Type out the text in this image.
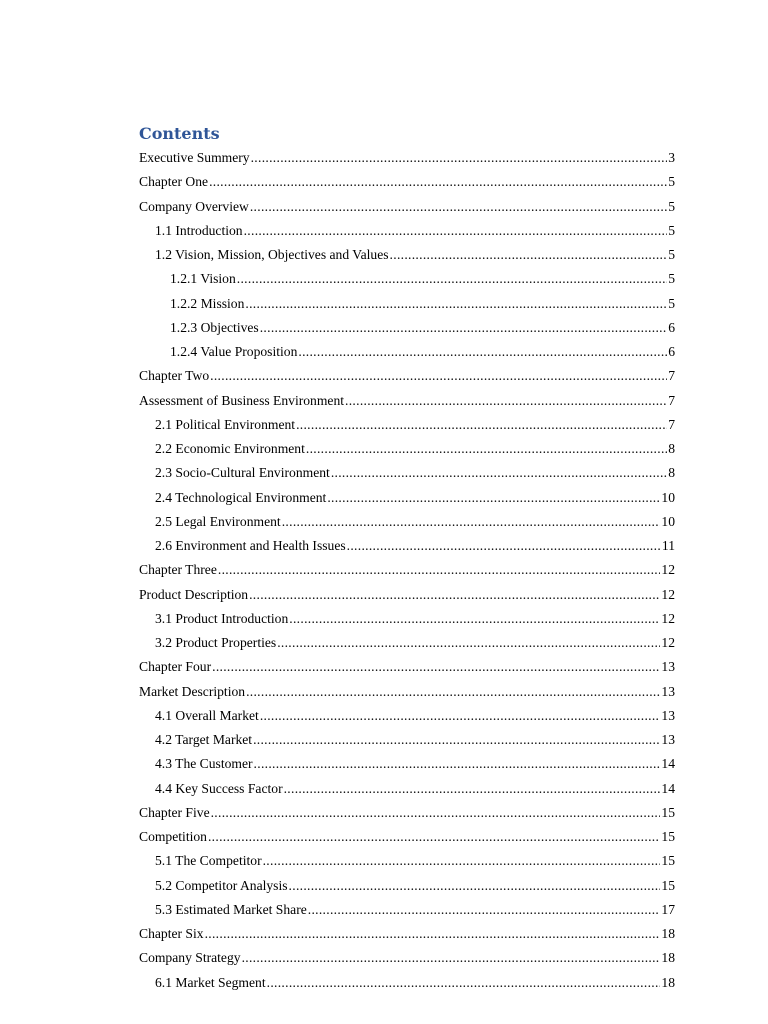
Contents
Executive Summery .....	3
Chapter One .....	5
Company Overview .....	5
1.1 Introduction .....	5
1.2 Vision, Mission, Objectives and Values .....	5
1.2.1 Vision .....	5
1.2.2 Mission .....	5
1.2.3 Objectives .....	6
1.2.4 Value Proposition .....	6
Chapter Two .....	7
Assessment of Business Environment .....	7
2.1 Political Environment .....	7
2.2 Economic Environment .....	8
2.3 Socio-Cultural Environment .....	8
2.4 Technological Environment .....	10
2.5 Legal Environment .....	10
2.6 Environment and Health Issues .....	11
Chapter Three .....	12
Product Description .....	12
3.1 Product Introduction .....	12
3.2 Product Properties .....	12
Chapter Four .....	13
Market Description .....	13
4.1 Overall Market .....	13
4.2 Target Market .....	13
4.3 The Customer .....	14
4.4 Key Success Factor .....	14
Chapter Five .....	15
Competition .....	15
5.1 The Competitor .....	15
5.2 Competitor Analysis .....	15
5.3 Estimated Market Share .....	17
Chapter Six .....	18
Company Strategy .....	18
6.1 Market Segment .....	18
